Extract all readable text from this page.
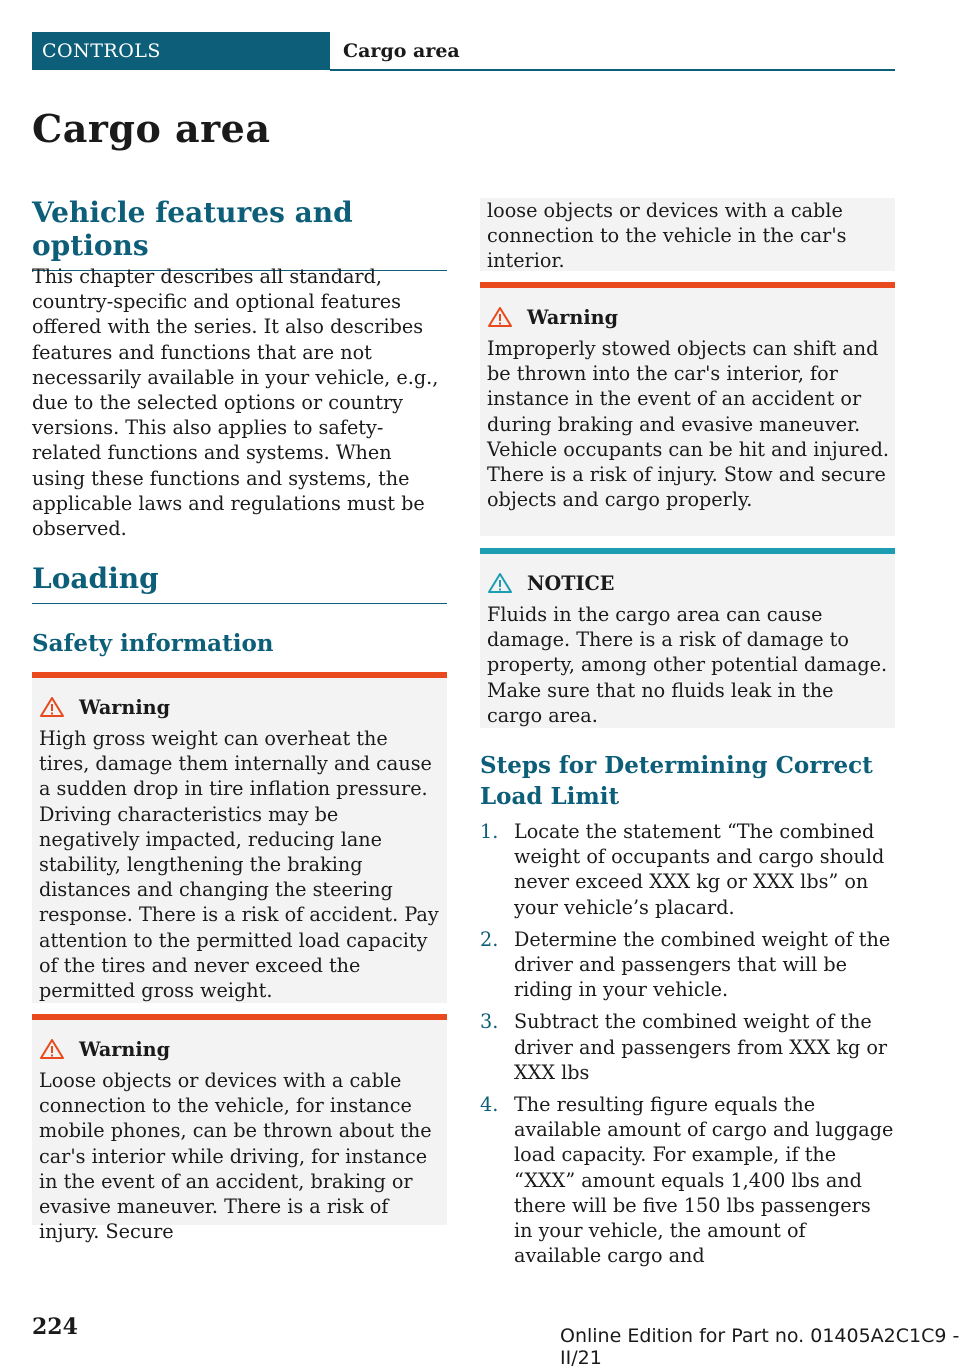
CONTROLS	Cargo area
Cargo area
Vehicle features and options

This chapter describes all standard, country-specific and optional features offered with the series. It also describes features and functions that are not necessarily available in your vehicle, e.g., due to the selected options or country versions. This also applies to safety-related functions and systems. When using these functions and systems, the applicable laws and regulations must be observed.

Loading
Safety information
Warning

High gross weight can overheat the tires, damage them internally and cause a sudden drop in tire inflation pressure. Driving characteristics may be negatively impacted, reducing lane stability, lengthening the braking distances and changing the steering response. There is a risk of accident. Pay attention to the permitted load capacity of the tires and never exceed the permitted gross weight.

Warning

Loose objects or devices with a cable connection to the vehicle, for instance mobile phones, can be thrown about the car's interior while driving, for instance in the event of an accident, braking or evasive maneuver. There is a risk of injury. Secure

loose objects or devices with a cable connection to the vehicle in the car's interior.

Warning

Improperly stowed objects can shift and be thrown into the car's interior, for instance in the event of an accident or during braking and evasive maneuver. Vehicle occupants can be hit and injured. There is a risk of injury. Stow and secure objects and cargo properly.

NOTICE

Fluids in the cargo area can cause damage. There is a risk of damage to property, among other potential damage. Make sure that no fluids leak in the cargo area.

Steps for Determining Correct Load Limit
1. Locate the statement “The combined weight of occupants and cargo should never exceed XXX kg or XXX lbs” on your vehicle’s placard.
2. Determine the combined weight of the driver and passengers that will be riding in your vehicle.
3. Subtract the combined weight of the driver and passengers from XXX kg or XXX lbs
4. The resulting figure equals the available amount of cargo and luggage load capacity. For example, if the “XXX” amount equals 1,400 lbs and there will be five 150 lbs passengers in your vehicle, the amount of available cargo and
224	Online Edition for Part no. 01405A2C1C9 - II/21
